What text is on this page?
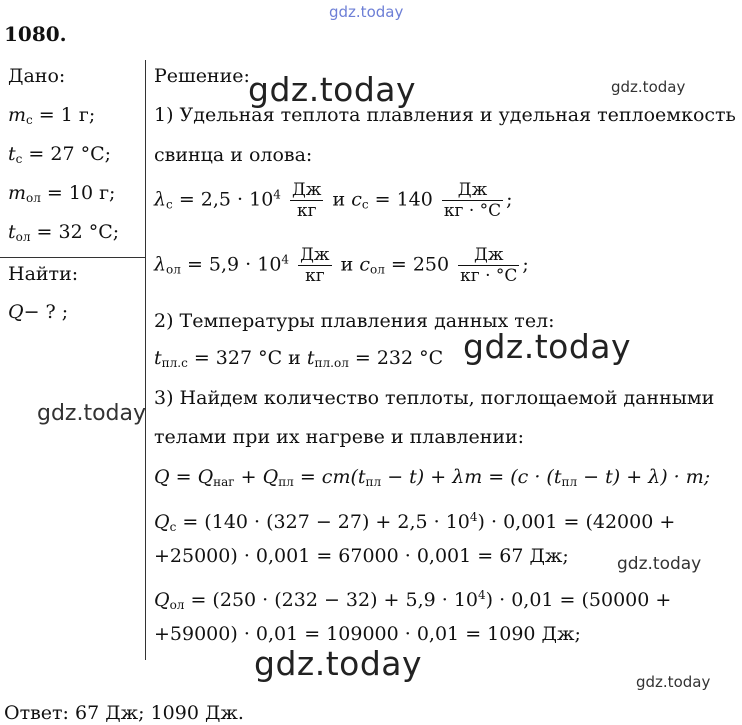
gdz.today
1080.
Дано:
$m_с = 1$ г;
$t_с = 27$ °C;
$m_{ол} = 10$ г;
$t_{ол} = 32$ °C;
Найти:
Q− ? ;
Решение:
1) Удельная теплота плавления и удельная теплоемкость
свинца и олова:
$\lambda_с = 2,5 \cdot 10^4 \frac{Дж}{кг}$ и $c_с = 140 \frac{Дж}{кг \cdot ^\circ C}$ ;
$\lambda_{ол} = 5,9 \cdot 10^4 \frac{Дж}{кг}$ и $c_{ол} = 250 \frac{Дж}{кг \cdot ^\circ C}$ ;
2) Температуры плавления данных тел:
$t_{пл.с} = 327$ °C и $t_{пл.ол} = 232$ °C
3) Найдем количество теплоты, поглощаемой данными
телами при их нагреве и плавлении:
$Q = Q_{наг} + Q_{пл} = cm(t_{пл} - t) + \lambda m = (c \cdot (t_{пл} - t) + \lambda) \cdot m$;
$Q_с = (140 \cdot (327 - 27) + 2,5 \cdot 10^4) \cdot 0,001 = (42000$ +
+25000) · 0,001 = 67000 · 0,001 = 67 Дж;
$Q_{ол} = (250 \cdot (232 - 32) + 5,9 \cdot 10^4) \cdot 0,01 = (50000$ +
+59000) · 0,01 = 109000 · 0,01 = 1090 Дж;
Ответ: 67 Дж; 1090 Дж.
gdz.today	gdz.today
gdz.today
gdz.today
gdz.today
gdz.today	gdz.today
